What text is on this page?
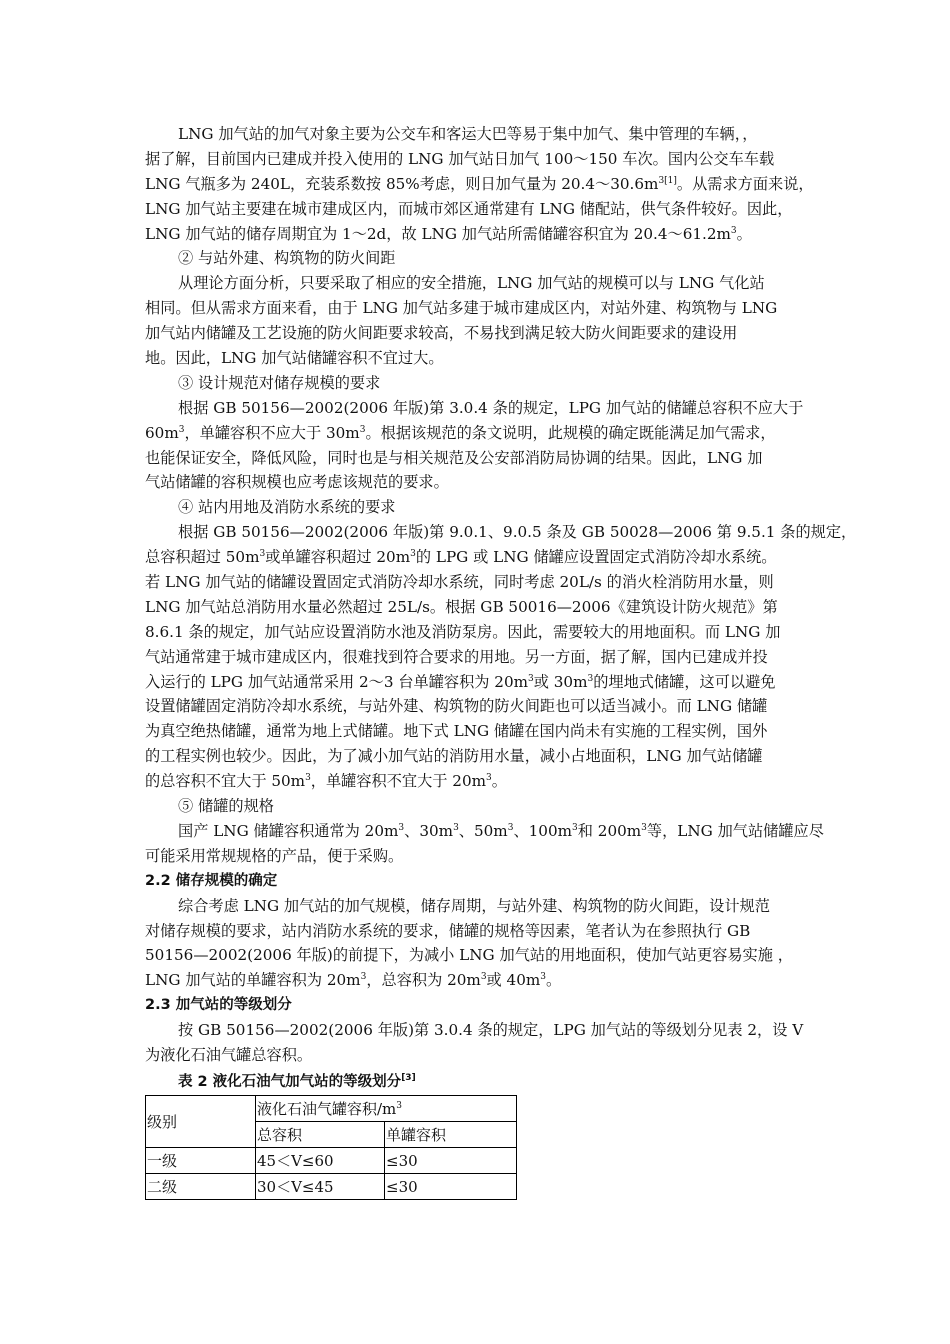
LNG 加气站的加气对象主要为公交车和客运大巴等易于集中加气、集中管理的车辆，，
据了解，目前国内已建成并投入使用的 LNG 加气站日加气 100～150 车次。国内公交车车载
LNG 气瓶多为 240L，充装系数按 85%考虑，则日加气量为 $20.4\sim 30.6m^{3[1]}$。从需求方面来说，
LNG 加气站主要建在城市建成区内，而城市郊区通常建有 LNG 储配站，供气条件较好。因此，
LNG 加气站的储存周期宜为 1～2d，故 LNG 加气站所需储罐容积宜为 $20.4\sim 61.2m^3$。
② 与站外建、构筑物的防火间距
从理论方面分析，只要采取了相应的安全措施，LNG 加气站的规模可以与 LNG 气化站
相同。但从需求方面来看，由于 LNG 加气站多建于城市建成区内，对站外建、构筑物与 LNG
加气站内储罐及工艺设施的防火间距要求较高，不易找到满足较大防火间距要求的建设用
地。因此，LNG 加气站储罐容积不宜过大。
③ 设计规范对储存规模的要求
根据 GB 50156—2002(2006 年版)第 3.0.4 条的规定，LPG 加气站的储罐总容积不应大于
$60m^3$，单罐容积不应大于 $30m^3$。根据该规范的条文说明，此规模的确定既能满足加气需求，
也能保证安全，降低风险，同时也是与相关规范及公安部消防局协调的结果。因此，LNG 加
气站储罐的容积规模也应考虑该规范的要求。
④ 站内用地及消防水系统的要求
根据 GB 50156—2002(2006 年版)第 9.0.1、9.0.5 条及 GB 50028—2006 第 9.5.1 条的规定，
总容积超过 $50m^3$或单罐容积超过 $20m^3$的 LPG 或 LNG 储罐应设置固定式消防冷却水系统。
若 LNG 加气站的储罐设置固定式消防冷却水系统，同时考虑 20L/s 的消火栓消防用水量，则
LNG 加气站总消防用水量必然超过 25L/s。根据 GB 50016—2006《建筑设计防火规范》第
8.6.1 条的规定，加气站应设置消防水池及消防泵房。因此，需要较大的用地面积。而 LNG 加
气站通常建于城市建成区内，很难找到符合要求的用地。另一方面，据了解，国内已建成并投
入运行的 LPG 加气站通常采用 2～3 台单罐容积为 $20m^3$或 $30m^3$的埋地式储罐，这可以避免
设置储罐固定消防冷却水系统，与站外建、构筑物的防火间距也可以适当减小。而 LNG 储罐
为真空绝热储罐，通常为地上式储罐。地下式 LNG 储罐在国内尚未有实施的工程实例，国外
的工程实例也较少。因此，为了减小加气站的消防用水量，减小占地面积，LNG 加气站储罐
的总容积不宜大于 $50m^3$，单罐容积不宜大于 $20m^3$。
⑤ 储罐的规格
国产 LNG 储罐容积通常为 $20m^3$、$30m^3$、$50m^3$、$100m^3$和 $200m^3$等，LNG 加气站储罐应尽
可能采用常规规格的产品，便于采购。
2.2 储存规模的确定
综合考虑 LNG 加气站的加气规模，储存周期，与站外建、构筑物的防火间距，设计规范
对储存规模的要求，站内消防水系统的要求，储罐的规格等因素，笔者认为在参照执行 GB
50156—2002(2006 年版)的前提下，为减小 LNG 加气站的用地面积，使加气站更容易实施 ，
LNG 加气站的单罐容积为 $20m^3$，总容积为 $20m^3$或 $40m^3$。
2.3 加气站的等级划分
按 GB 50156—2002(2006 年版)第 3.0.4 条的规定，LPG 加气站的等级划分见表 2，设 V
为液化石油气罐总容积。
表 2 液化石油气加气站的等级划分[3]
级别	液化石油气罐容积$/m^3$
	总容积	单罐容积
一级	45＜V≤60	≤30
二级	30＜V≤45	≤30
